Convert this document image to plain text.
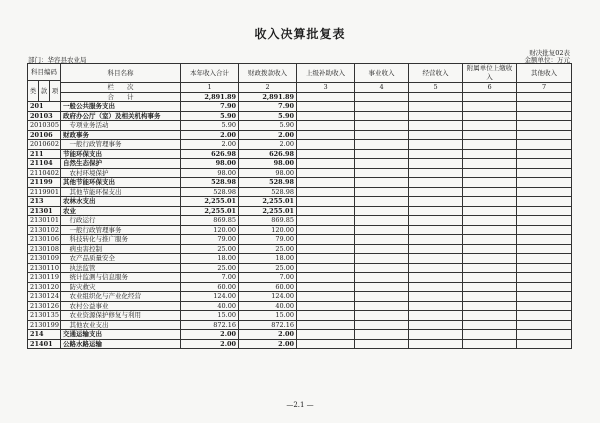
收入决算批复表
财决批复02表
部门：华容县农业局	金额单位：万元
科目编码			科目名称	本年收入合计	财政拨款收入	上级补助收入	事业收入	经营收入	附属单位上缴收入	其他收入
类	款	项								
			栏　　次	1	2	3	4	5	6	7
			合　　计	2,891.89	2,891.89					
201			一般公共服务支出	7.90	7.90					
20103			政府办公厅（室）及相关机构事务	5.90	5.90					
2010305			　专项业务活动	5.90	5.90					
20106			财政事务	2.00	2.00					
2010602			　一般行政管理事务	2.00	2.00					
211			节能环保支出	626.98	626.98					
21104			自然生态保护	98.00	98.00					
2110402			　农村环境保护	98.00	98.00					
21199			其他节能环保支出	528.98	528.98					
2119901			　其他节能环保支出	528.98	528.98					
213			农林水支出	2,255.01	2,255.01					
21301			农业	2,255.01	2,255.01					
2130101			　行政运行	869.85	869.85					
2130102			　一般行政管理事务	120.00	120.00					
2130106			　科技转化与推广服务	79.00	79.00					
2130108			　病虫害控制	25.00	25.00					
2130109			　农产品质量安全	18.00	18.00					
2130110			　执法监管	25.00	25.00					
2130119			　统计监测与信息服务	7.00	7.00					
2130120			　防灾救灾	60.00	60.00					
2130124			　农业组织化与产业化经营	124.00	124.00					
2130126			　农村公益事业	40.00	40.00					
2130135			　农业资源保护修复与利用	15.00	15.00					
2130199			　其他农业支出	872.16	872.16					
214			交通运输支出	2.00	2.00					
21401			公路水路运输	2.00	2.00					
—2.1 —
